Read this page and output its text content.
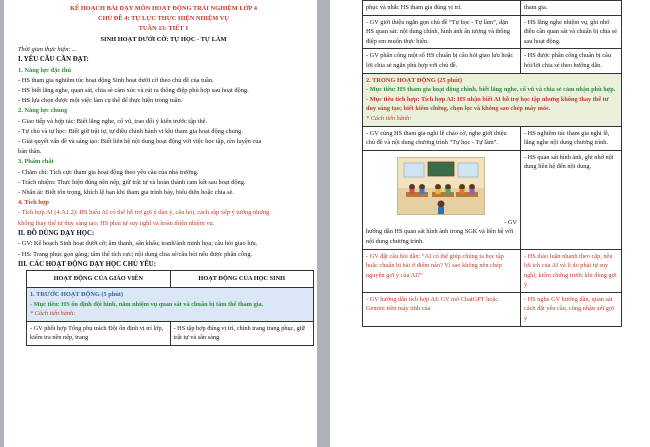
KẾ HOẠCH BÀI DẠY MÔN HOẠT ĐỘNG TRẢI NGHIỆM LỚP 4
CHỦ ĐỀ 4: TỰ LỰC THỰC HIỆN NHIỆM VỤ
TUẦN 13: TIẾT 1
SINH HOẠT DƯỚI CỜ: TỰ HỌC - TỰ LÀM
Thời gian thực hiện: ...
I. YÊU CẦU CẦN ĐẠT:
1. Năng lực đặc thù
- HS tham gia nghiêm túc hoạt động Sinh hoạt dưới cờ theo chủ đề của tuần.
- HS biết lắng nghe, quan sát, chia sẻ cảm xúc và rút ra thông điệp phù hợp sau hoạt động.
- HS lựa chọn được một việc làm cụ thể để thực hiện trong tuần.
2. Năng lực chung
- Giao tiếp và hợp tác: Biết lắng nghe, cổ vũ, trao đổi ý kiến trước tập thể.
- Tự chủ và tự học: Biết giữ trật tự, tự điều chỉnh hành vi khi tham gia hoạt động chung.
- Giải quyết vấn đề và sáng tạo: Biết liên hệ nội dung hoạt động với việc học tập, rèn luyện của
bản thân.
3. Phẩm chất
- Chăm chỉ: Tích cực tham gia hoạt động theo yêu cầu của nhà trường.
- Trách nhiệm: Thực hiện đúng nền nếp, giữ trật tự và hoàn thành cam kết sau hoạt động.
- Nhân ái: Biết tôn trọng, khích lệ bạn khi tham gia trình bày, biểu diễn hoặc chia sẻ.
4. Tích hợp
- Tích hợp AI (4.A1.2): HS hiểu AI có thể hỗ trợ gợi ý dàn ý, câu hỏi, cách sắp xếp ý tưởng nhưng
không thay thế tư duy sáng tạo; HS phải tự suy nghĩ và hoàn thiện nhiệm vụ.
II. ĐỒ DÙNG DẠY HỌC:
- GV: Kế hoạch Sinh hoạt dưới cờ; âm thanh, sân khấu; tranh/ảnh minh họa; câu hỏi giao lưu.
- HS: Trang phục gọn gàng; tâm thế tích cực; nội dung chia sẻ/câu hỏi nếu được phân công.
III. CÁC HOẠT ĐỘNG DẠY HỌC CHỦ YẾU:
HOẠT ĐỘNG CỦA GIÁO VIÊN	HOẠT ĐỘNG CỦA HỌC SINH

1. TRƯỚC HOẠT ĐỘNG (5 phút)
- Mục tiêu: HS ổn định đội hình, nắm nhiệm vụ quan sát và chuẩn bị tâm thế tham gia.
* Cách tiến hành:	

- GV phối hợp Tổng phụ trách Đội ổn định vị trí lớp, kiểm tra nền nếp, trang	- HS tập hợp đúng vị trí, chỉnh trang trang phục, giữ trật tự và sẵn sàng
phục và nhắc HS tham gia đúng vị trí.	tham gia.
- GV giới thiệu ngắn gọn chủ đề “Tự học - Tự làm”, dặn HS quan sát: nội dung chính, hình ảnh ấn tượng và thông điệp em muốn thực hiện.	- HS lắng nghe nhiệm vụ, ghi nhớ điều cần quan sát và chuẩn bị chia sẻ sau hoạt động.
- GV phân công một số HS chuẩn bị câu hỏi giao lưu hoặc lời chia sẻ ngắn phù hợp với chủ đề.	- HS được phân công chuẩn bị câu hỏi/lời chia sẻ theo hướng dẫn.

2. TRONG HOẠT ĐỘNG (25 phút)
- Mục tiêu: HS tham gia hoạt động chính, biết lắng nghe, cổ vũ và chia sẻ cảm nhận phù hợp.
- Mục tiêu tích hợp: Tích hợp AI: HS nhận biết AI hỗ trợ học tập nhưng không thay thế tư duy sáng tạo; biết kiểm chứng, chọn lọc và không sao chép máy móc.
* Cách tiến hành:	

- GV cùng HS tham gia nghi lễ chào cờ, nghe giới thiệu chủ đề và nội dung chương trình “Tự học - Tự làm”.	- HS nghiêm túc tham gia nghi lễ, lắng nghe nội dung chương trình.

- GV
hướng dẫn HS quan sát hình ảnh trong SGK và liên hệ với nội dung chương trình.	- HS quan sát hình ảnh, ghi nhớ nội dung liên hệ đến nội dung.
- GV đặt câu hỏi dẫn: “AI có thể giúp chúng ta học tập hoặc chuẩn bị bài ở điểm nào? Vì sao không nên chép nguyên gợi ý của AI?”	- HS thảo luận nhanh theo cặp, nêu lợi ích của AI và lí do phải tự suy nghĩ, kiểm chứng trước khi dùng gợi ý.
- GV hướng dẫn tích hợp AI: GV mở ChatGPT hoặc Gemini trên máy tính của	- HS nghe GV hướng dẫn, quan sát cách đặt yêu cầu, cùng nhận xét gợi ý
